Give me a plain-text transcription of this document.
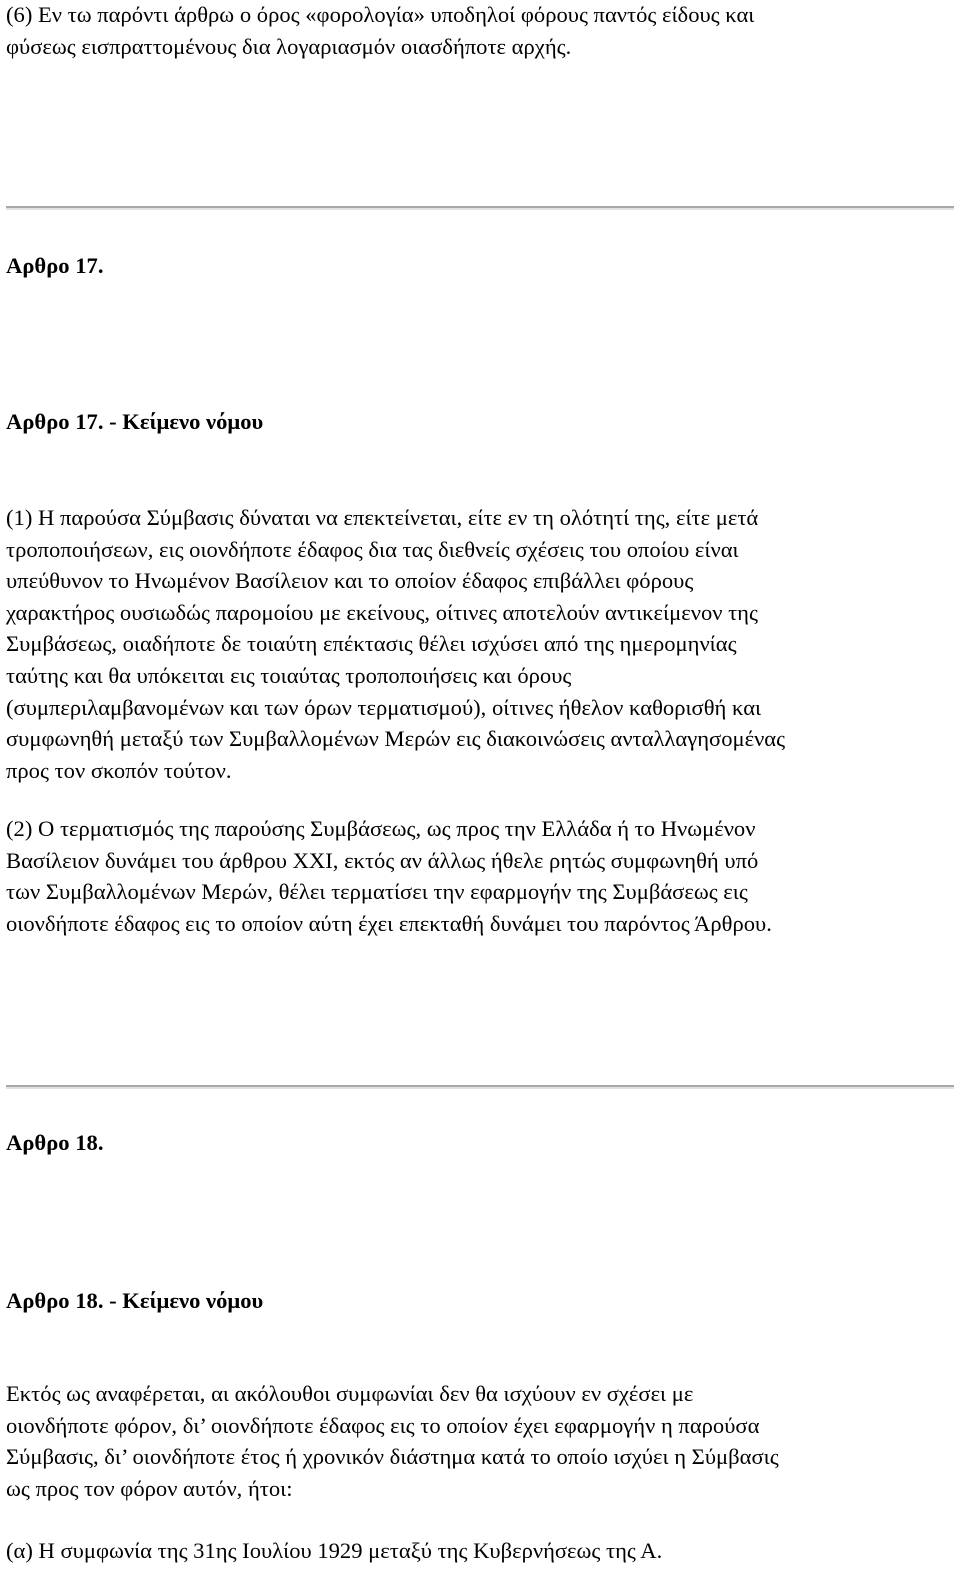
(6) Εν τω παρόντι άρθρω ο όρος «φορολογία» υποδηλοί φόρους παντός είδους και
φύσεως εισπραττομένους δια λογαριασμόν οιασδήποτε αρχής.

Αρθρο 17.

Αρθρο 17. - Κείμενο νόμου

(1) Η παρούσα Σύμβασις δύναται να επεκτείνεται, είτε εν τη ολότητί της, είτε μετά
τροποποιήσεων, εις οιονδήποτε έδαφος δια τας διεθνείς σχέσεις του οποίου είναι
υπεύθυνον το Ηνωμένον Βασίλειον και το οποίον έδαφος επιβάλλει φόρους
χαρακτήρος ουσιωδώς παρομοίου με εκείνους, οίτινες αποτελούν αντικείμενον της
Συμβάσεως, οιαδήποτε δε τοιαύτη επέκτασις θέλει ισχύσει από της ημερομηνίας
ταύτης και θα υπόκειται εις τοιαύτας τροποποιήσεις και όρους
(συμπεριλαμβανομένων και των όρων τερματισμού), οίτινες ήθελον καθορισθή και
συμφωνηθή μεταξύ των Συμβαλλομένων Μερών εις διακοινώσεις ανταλλαγησομένας
προς τον σκοπόν τούτον.

(2) Ο τερματισμός της παρούσης Συμβάσεως, ως προς την Ελλάδα ή το Ηνωμένον
Βασίλειον δυνάμει του άρθρου XXI, εκτός αν άλλως ήθελε ρητώς συμφωνηθή υπό
των Συμβαλλομένων Μερών, θέλει τερματίσει την εφαρμογήν της Συμβάσεως εις
οιονδήποτε έδαφος εις το οποίον αύτη έχει επεκταθή δυνάμει του παρόντος Άρθρου.

Αρθρο 18.

Αρθρο 18. - Κείμενο νόμου

Εκτός ως αναφέρεται, αι ακόλουθοι συμφωνίαι δεν θα ισχύουν εν σχέσει με
οιονδήποτε φόρον, δι’ οιονδήποτε έδαφος εις το οποίον έχει εφαρμογήν η παρούσα
Σύμβασις, δι’ οιονδήποτε έτος ή χρονικόν διάστημα κατά το οποίο ισχύει η Σύμβασις
ως προς τον φόρον αυτόν, ήτοι:

(α) Η συμφωνία της 31ης Ιουλίου 1929 μεταξύ της Κυβερνήσεως της Α.
